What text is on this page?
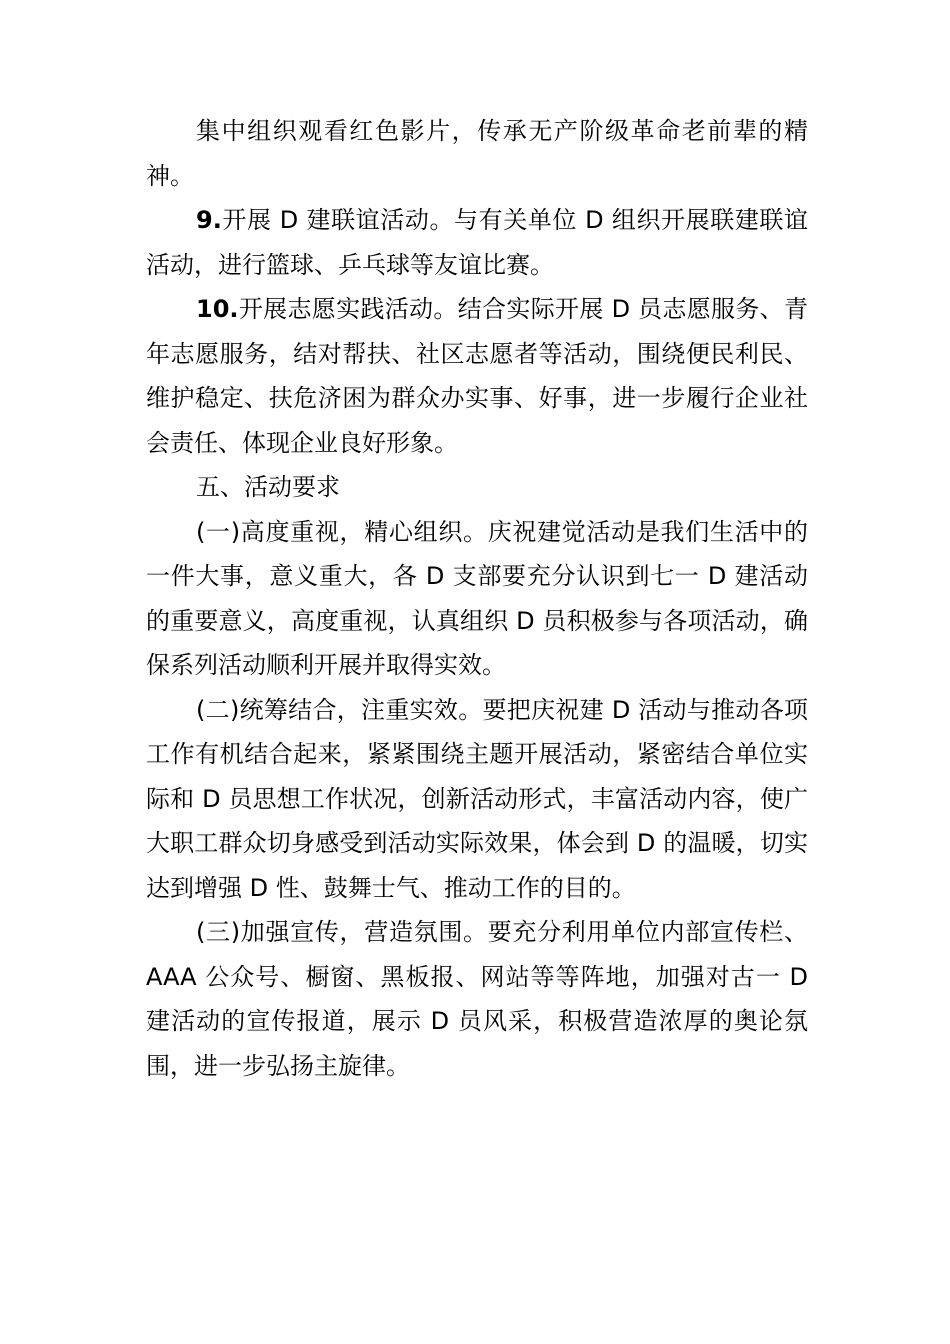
集中组织观看红色影片，传承无产阶级革命老前辈的精神。

9.开展 D 建联谊活动。与有关单位 D 组织开展联建联谊活动，进行篮球、乒乓球等友谊比赛。

10.开展志愿实践活动。结合实际开展 D 员志愿服务、青年志愿服务，结对帮扶、社区志愿者等活动，围绕便民利民、维护稳定、扶危济困为群众办实事、好事，进一步履行企业社会责任、体现企业良好形象。

五、活动要求

(一)高度重视，精心组织。庆祝建觉活动是我们生活中的一件大事，意义重大，各 D 支部要充分认识到七一 D 建活动的重要意义，高度重视，认真组织 D 员积极参与各项活动，确保系列活动顺利开展并取得实效。

(二)统筹结合，注重实效。要把庆祝建 D 活动与推动各项工作有机结合起来，紧紧围绕主题开展活动，紧密结合单位实际和 D 员思想工作状况，创新活动形式，丰富活动内容，使广大职工群众切身感受到活动实际效果，体会到 D 的温暖，切实达到增强 D 性、鼓舞士气、推动工作的目的。

(三)加强宣传，营造氛围。要充分利用单位内部宣传栏、AAA 公众号、橱窗、黑板报、网站等等阵地，加强对古一 D 建活动的宣传报道，展示 D 员风采，积极营造浓厚的奥论氛围，进一步弘扬主旋律。
